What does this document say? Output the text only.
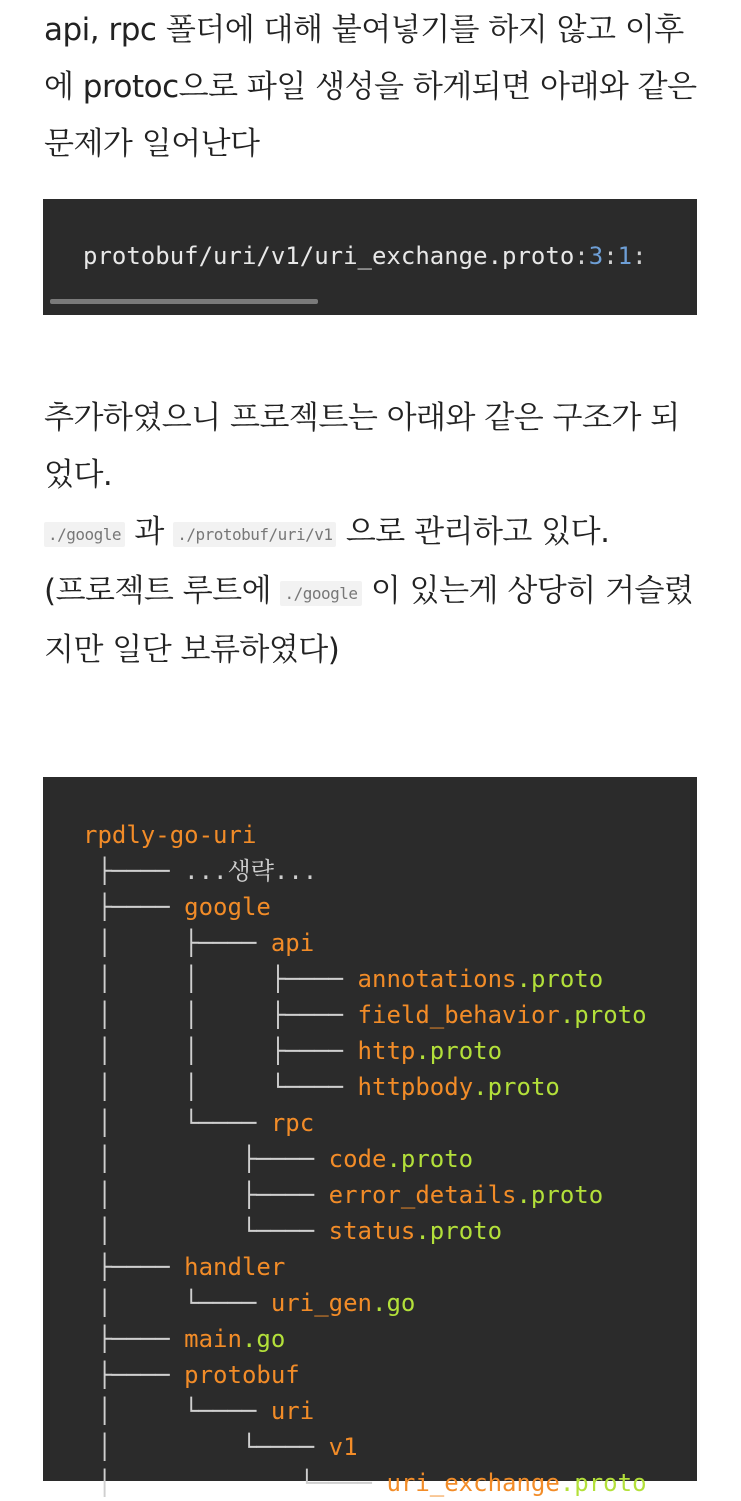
api, rpc 폴더에 대해 붙여넣기를 하지 않고 이후에 protoc으로 파일 생성을 하게되면 아래와 같은 문제가 일어난다

protobuf/uri/v1/uri_exchange.proto:3:1:

추가하였으니 프로젝트는 아래와 같은 구조가 되었다.
./google 과 ./protobuf/uri/v1 으로 관리하고 있다.
(프로젝트 루트에 ./google 이 있는게 상당히 거슬렸지만 일단 보류하였다)

rpdly-go-uri
├──── ...생략...
├──── google
│     ├──── api
│     │     ├──── annotations.proto
│     │     ├──── field_behavior.proto
│     │     ├──── http.proto
│     │     └──── httpbody.proto
│     └──── rpc
│         ├──── code.proto
│         ├──── error_details.proto
│         └──── status.proto
├──── handler
│     └──── uri_gen.go
├──── main.go
├──── protobuf
│     └──── uri
│         └──── v1
│             └──── uri_exchange.proto
